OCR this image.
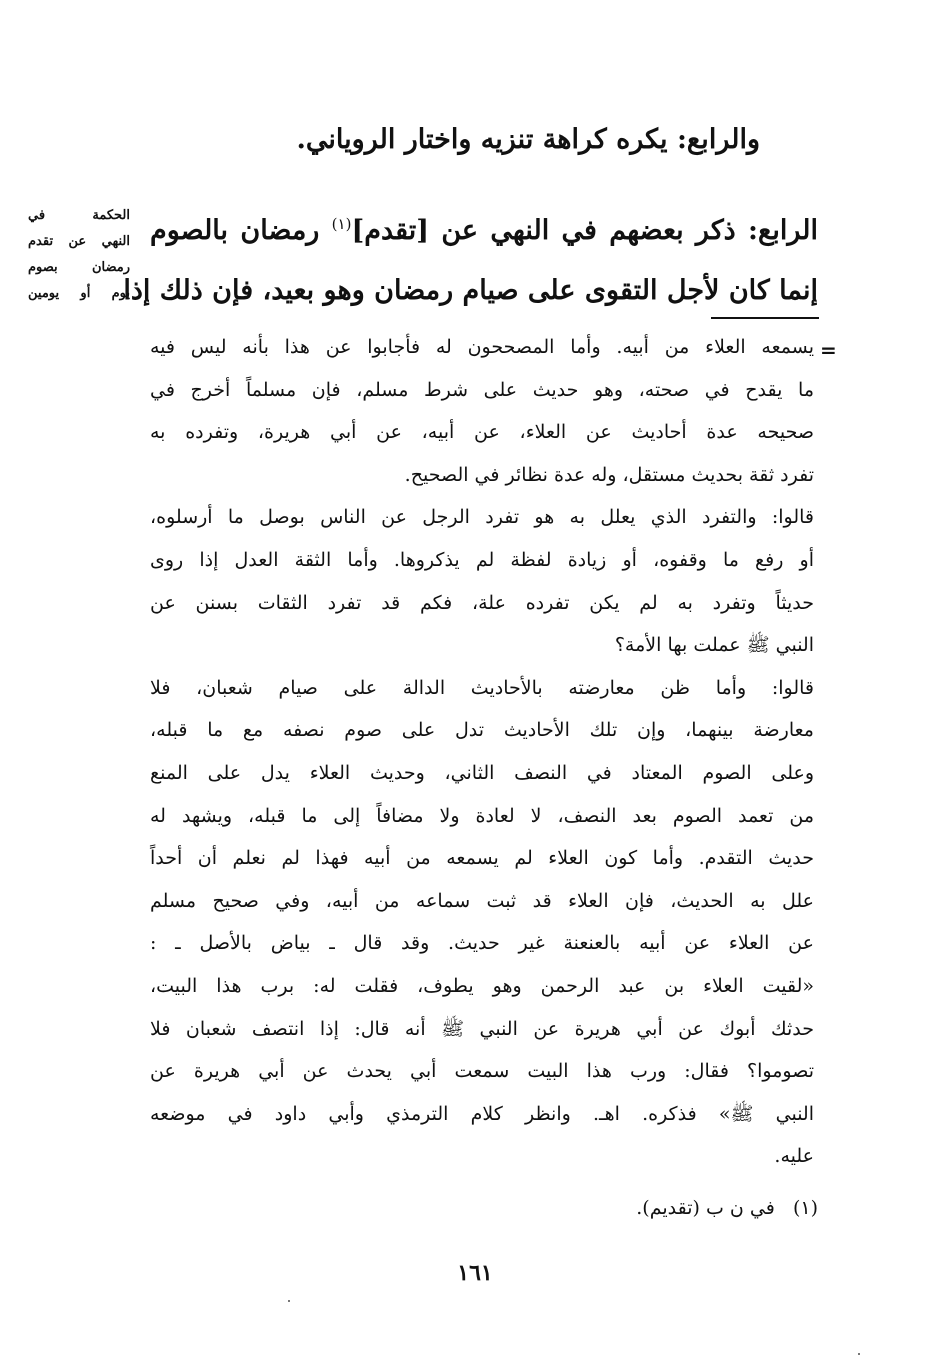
والرابع: يكره كراهة تنزيه واختار الروياني.
الرابع: ذكر بعضهم في النهي عن [تقدم]$^{(١)}$ رمضان بالصوم
إنما كان لأجل التقوى على صيام رمضان وهو بعيد، فإن ذلك إذا
الحكمة في
النهي عن تقدم
رمضان بصوم
يوم أو يومين
=
يسمعه العلاء من أبيه. وأما المصححون له فأجابوا عن هذا بأنه ليس فيه
ما يقدح في صحته، وهو حديث على شرط مسلم، فإن مسلماً أخرج في
صحيحه عدة أحاديث عن العلاء، عن أبيه، عن أبي هريرة، وتفرده به
تفرد ثقة بحديث مستقل، وله عدة نظائر في الصحيح.
قالوا: والتفرد الذي يعلل به هو تفرد الرجل عن الناس بوصل ما أرسلوه،
أو رفع ما وقفوه، أو زيادة لفظة لم يذكروها. وأما الثقة العدل إذا روى
حديثاً وتفرد به لم يكن تفرده علة، فكم قد تفرد الثقات بسنن عن
النبي ﷺ عملت بها الأمة؟
قالوا: وأما ظن معارضته بالأحاديث الدالة على صيام شعبان، فلا
معارضة بينهما، وإن تلك الأحاديث تدل على صوم نصفه مع ما قبله،
وعلى الصوم المعتاد في النصف الثاني، وحديث العلاء يدل على المنع
من تعمد الصوم بعد النصف، لا لعادة ولا مضافاً إلى ما قبله، ويشهد له
حديث التقدم. وأما كون العلاء لم يسمعه من أبيه فهذا لم نعلم أن أحداً
علل به الحديث، فإن العلاء قد ثبت سماعه من أبيه، وفي صحيح مسلم
عن العلاء عن أبيه بالعنعنة غير حديث. وقد قال ـ بياض بالأصل ـ :
«لقيت العلاء بن عبد الرحمن وهو يطوف، فقلت له: برب هذا البيت،
حدثك أبوك عن أبي هريرة عن النبي ﷺ أنه قال: إذا انتصف شعبان فلا
تصوموا؟ فقال: ورب هذا البيت سمعت أبي يحدث عن أبي هريرة عن
النبي ﷺ» فذكره. اهـ. وانظر كلام الترمذي وأبي داود في موضعه
عليه.
(١)   في ن ب (تقديم).
١٦١
